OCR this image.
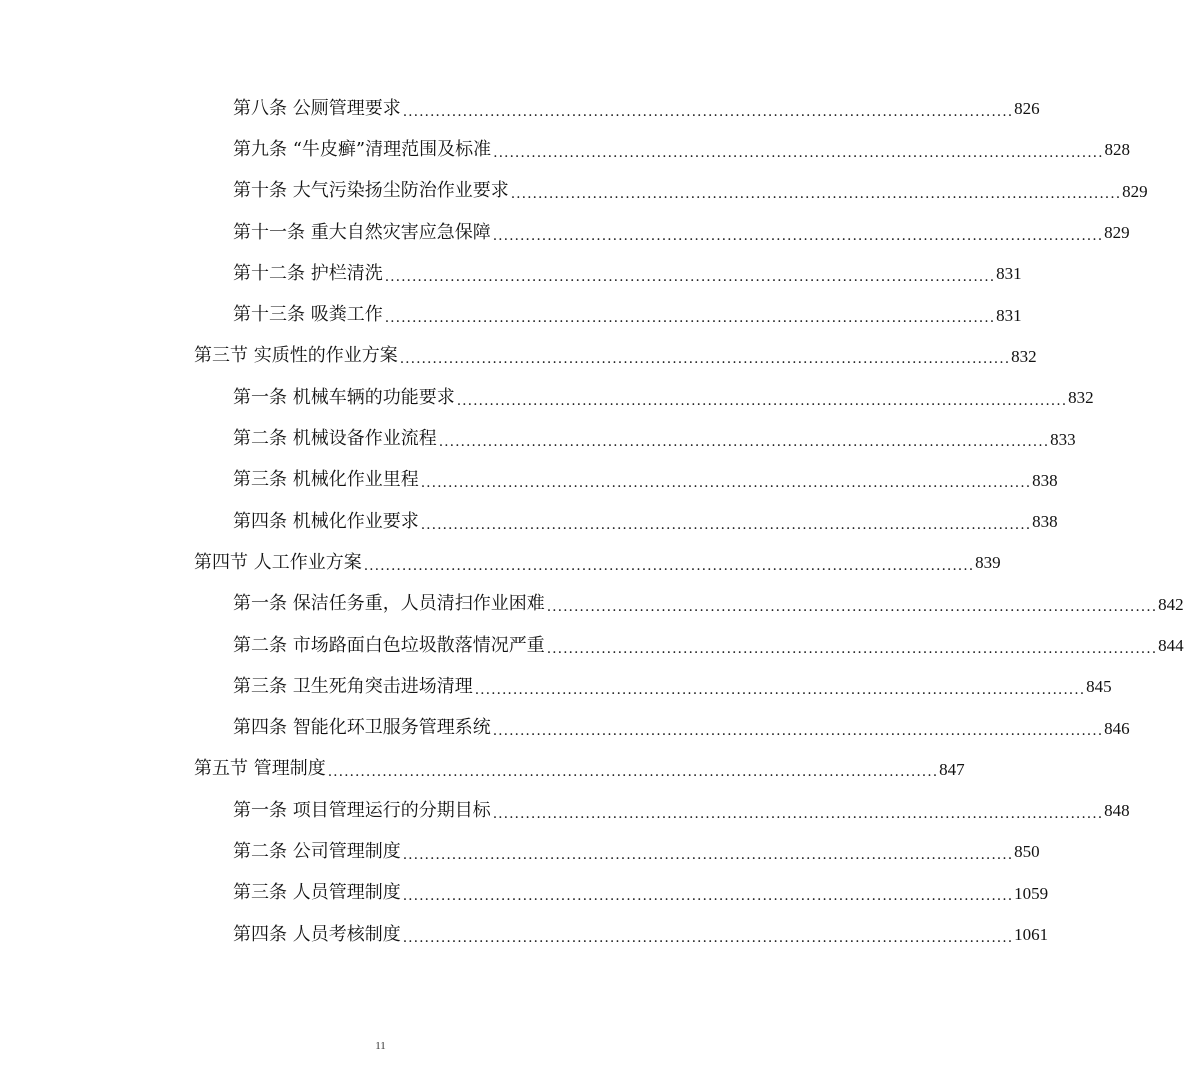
第八条 公厕管理要求 ................................................................................................................ 826
第九条 “牛皮癣”清理范围及标准 ................................................................................................................ 828
第十条 大气污染扬尘防治作业要求 ................................................................................................................ 829
第十一条 重大自然灾害应急保障 ................................................................................................................ 829
第十二条 护栏清洗 ................................................................................................................ 831
第十三条 吸粪工作 ................................................................................................................ 831
第三节 实质性的作业方案 ................................................................................................................ 832
第一条 机械车辆的功能要求 ................................................................................................................ 832
第二条 机械设备作业流程 ................................................................................................................ 833
第三条 机械化作业里程 ................................................................................................................ 838
第四条 机械化作业要求 ................................................................................................................ 838
第四节 人工作业方案 ................................................................................................................ 839
第一条 保洁任务重，人员清扫作业困难 ................................................................................................................ 842
第二条 市场路面白色垃圾散落情况严重 ................................................................................................................ 844
第三条 卫生死角突击进场清理 ................................................................................................................ 845
第四条 智能化环卫服务管理系统 ................................................................................................................ 846
第五节 管理制度 ................................................................................................................ 847
第一条 项目管理运行的分期目标 ................................................................................................................ 848
第二条 公司管理制度 ................................................................................................................ 850
第三条 人员管理制度 ................................................................................................................ 1059
第四条 人员考核制度 ................................................................................................................ 1061
11
